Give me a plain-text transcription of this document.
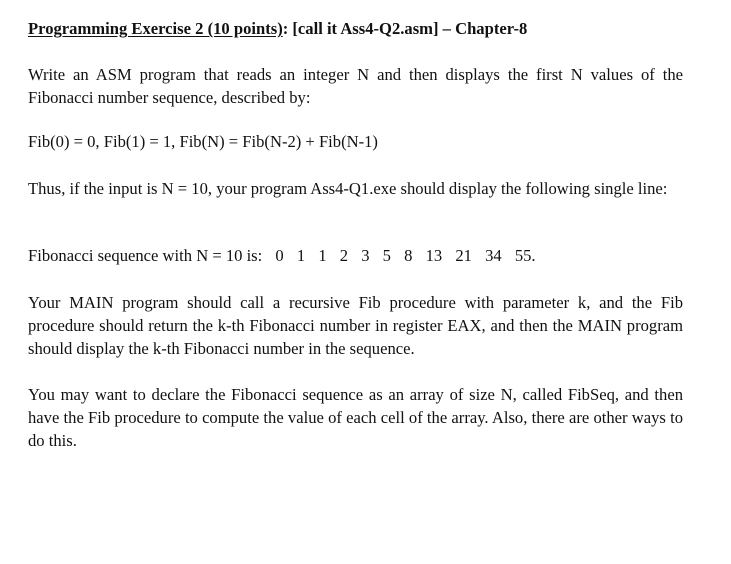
Programming Exercise 2 (10 points): [call it Ass4-Q2.asm] – Chapter-8
Write an ASM program that reads an integer N and then displays the first N values of the Fibonacci number sequence, described by:
Fib(0) = 0, Fib(1) = 1, Fib(N) = Fib(N-2) + Fib(N-1)
Thus, if the input is N = 10, your program Ass4-Q1.exe should display the following single line:
Fibonacci sequence with N = 10 is: 0 1 1 2 3 5 8 13 21 34 55.
Your MAIN program should call a recursive Fib procedure with parameter k, and the Fib procedure should return the k-th Fibonacci number in register EAX, and then the MAIN program should display the k-th Fibonacci number in the sequence.
You may want to declare the Fibonacci sequence as an array of size N, called FibSeq, and then have the Fib procedure to compute the value of each cell of the array. Also, there are other ways to do this.
